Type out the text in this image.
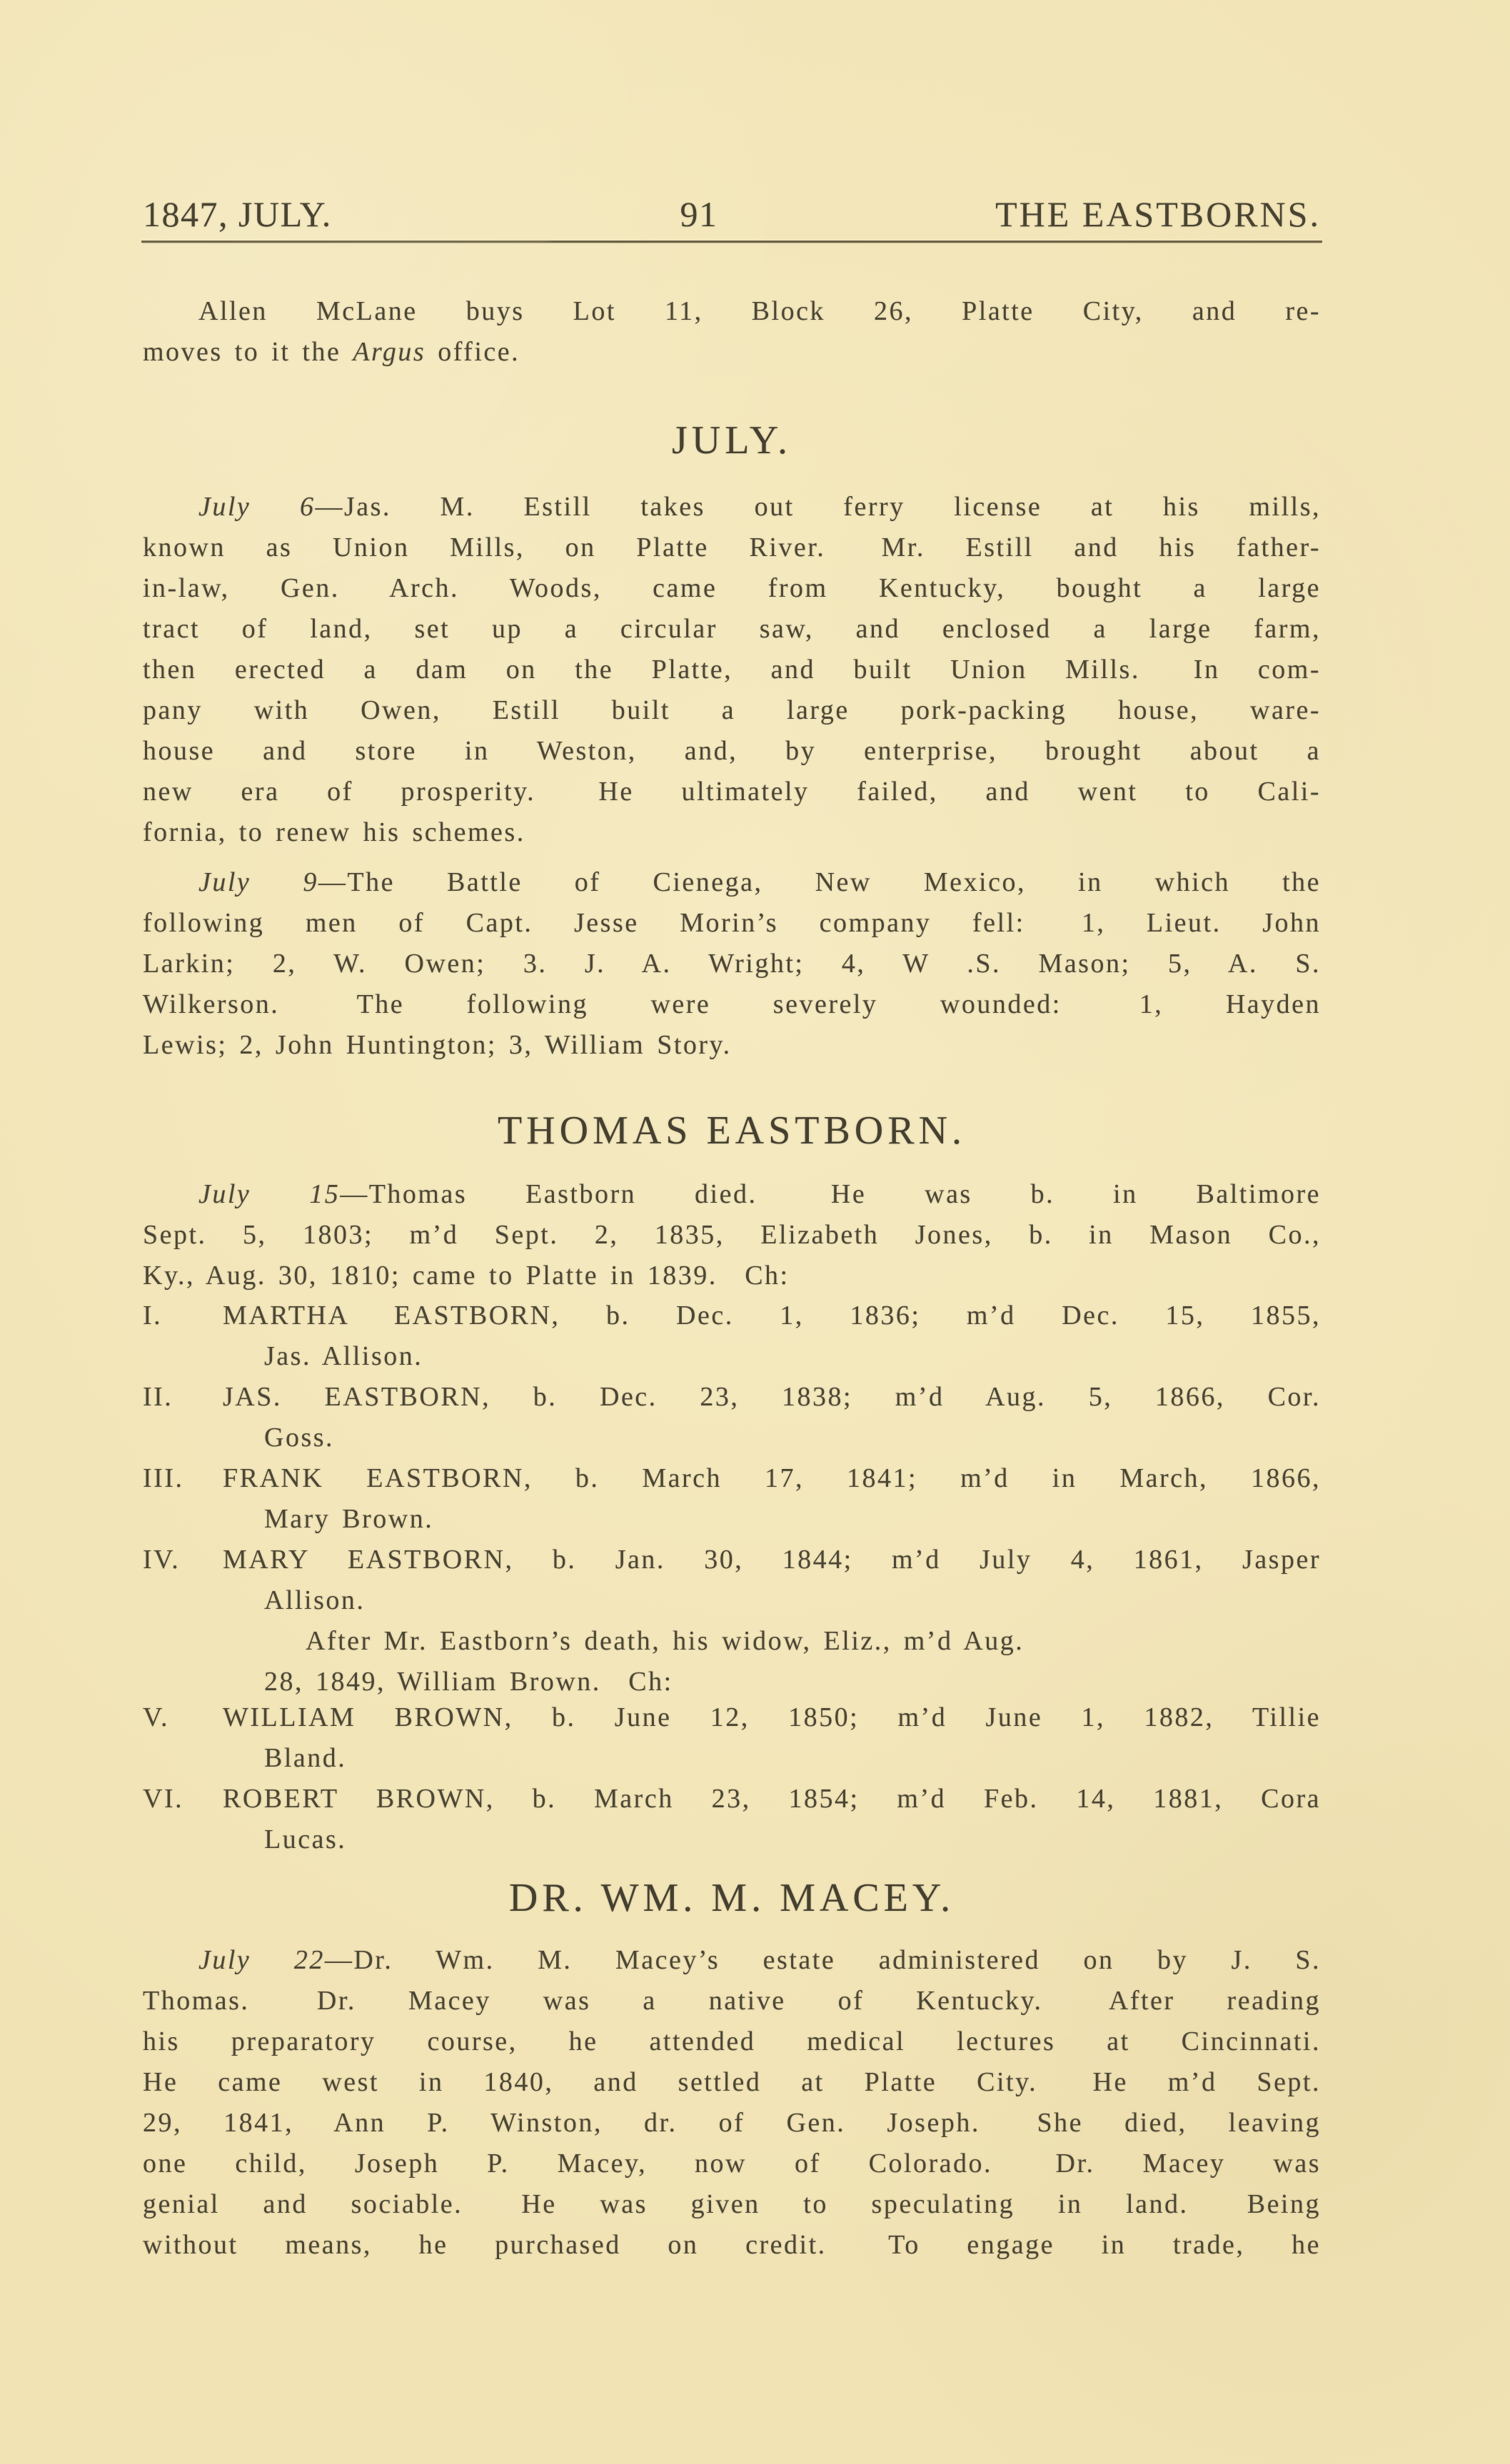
1847, JULY.	91	THE EASTBORNS.
Allen McLane buys Lot 11, Block 26, Platte City, and re-
moves to it the Argus office.
JULY.
July 6—Jas. M. Estill takes out ferry license at his mills,
known as Union Mills, on Platte River.  Mr. Estill and his father-
in-law, Gen. Arch. Woods, came from Kentucky, bought a large
tract of land, set up a circular saw, and enclosed a large farm,
then erected a dam on the Platte, and built Union Mills.  In com-
pany with Owen, Estill built a large pork-packing house, ware-
house and store in Weston, and, by enterprise, brought about a
new era of prosperity.  He ultimately failed, and went to Cali-
fornia, to renew his schemes.
July 9—The Battle of Cienega, New Mexico, in which the
following men of Capt. Jesse Morin’s company fell:  1, Lieut. John
Larkin; 2, W. Owen; 3. J. A. Wright; 4, W .S. Mason; 5, A. S.
Wilkerson.  The following were severely wounded:  1, Hayden
Lewis; 2, John Huntington; 3, William Story.
THOMAS EASTBORN.
July 15—Thomas Eastborn died.  He was b. in Baltimore
Sept. 5, 1803; m’d Sept. 2, 1835, Elizabeth Jones, b. in Mason Co.,
Ky., Aug. 30, 1810; came to Platte in 1839.  Ch:
I. MARTHA EASTBORN, b. Dec. 1, 1836; m’d Dec. 15, 1855,
Jas. Allison.
II. JAS. EASTBORN, b. Dec. 23, 1838; m’d Aug. 5, 1866, Cor.
Goss.
III. FRANK EASTBORN, b. March 17, 1841; m’d in March, 1866,
Mary Brown.
IV. MARY EASTBORN, b. Jan. 30, 1844; m’d July 4, 1861, Jasper
Allison.
After Mr. Eastborn’s death, his widow, Eliz., m’d Aug.
28, 1849, William Brown.  Ch:
V. WILLIAM BROWN, b. June 12, 1850; m’d June 1, 1882, Tillie
Bland.
VI. ROBERT BROWN, b. March 23, 1854; m’d Feb. 14, 1881, Cora
Lucas.
DR. WM. M. MACEY.
July 22—Dr. Wm. M. Macey’s estate administered on by J. S.
Thomas.  Dr. Macey was a native of Kentucky.  After reading
his preparatory course, he attended medical lectures at Cincinnati.
He came west in 1840, and settled at Platte City.  He m’d Sept.
29, 1841, Ann P. Winston, dr. of Gen. Joseph.  She died, leaving
one child, Joseph P. Macey, now of Colorado.  Dr. Macey was
genial and sociable.  He was given to speculating in land.  Being
without means, he purchased on credit.  To engage in trade, he
